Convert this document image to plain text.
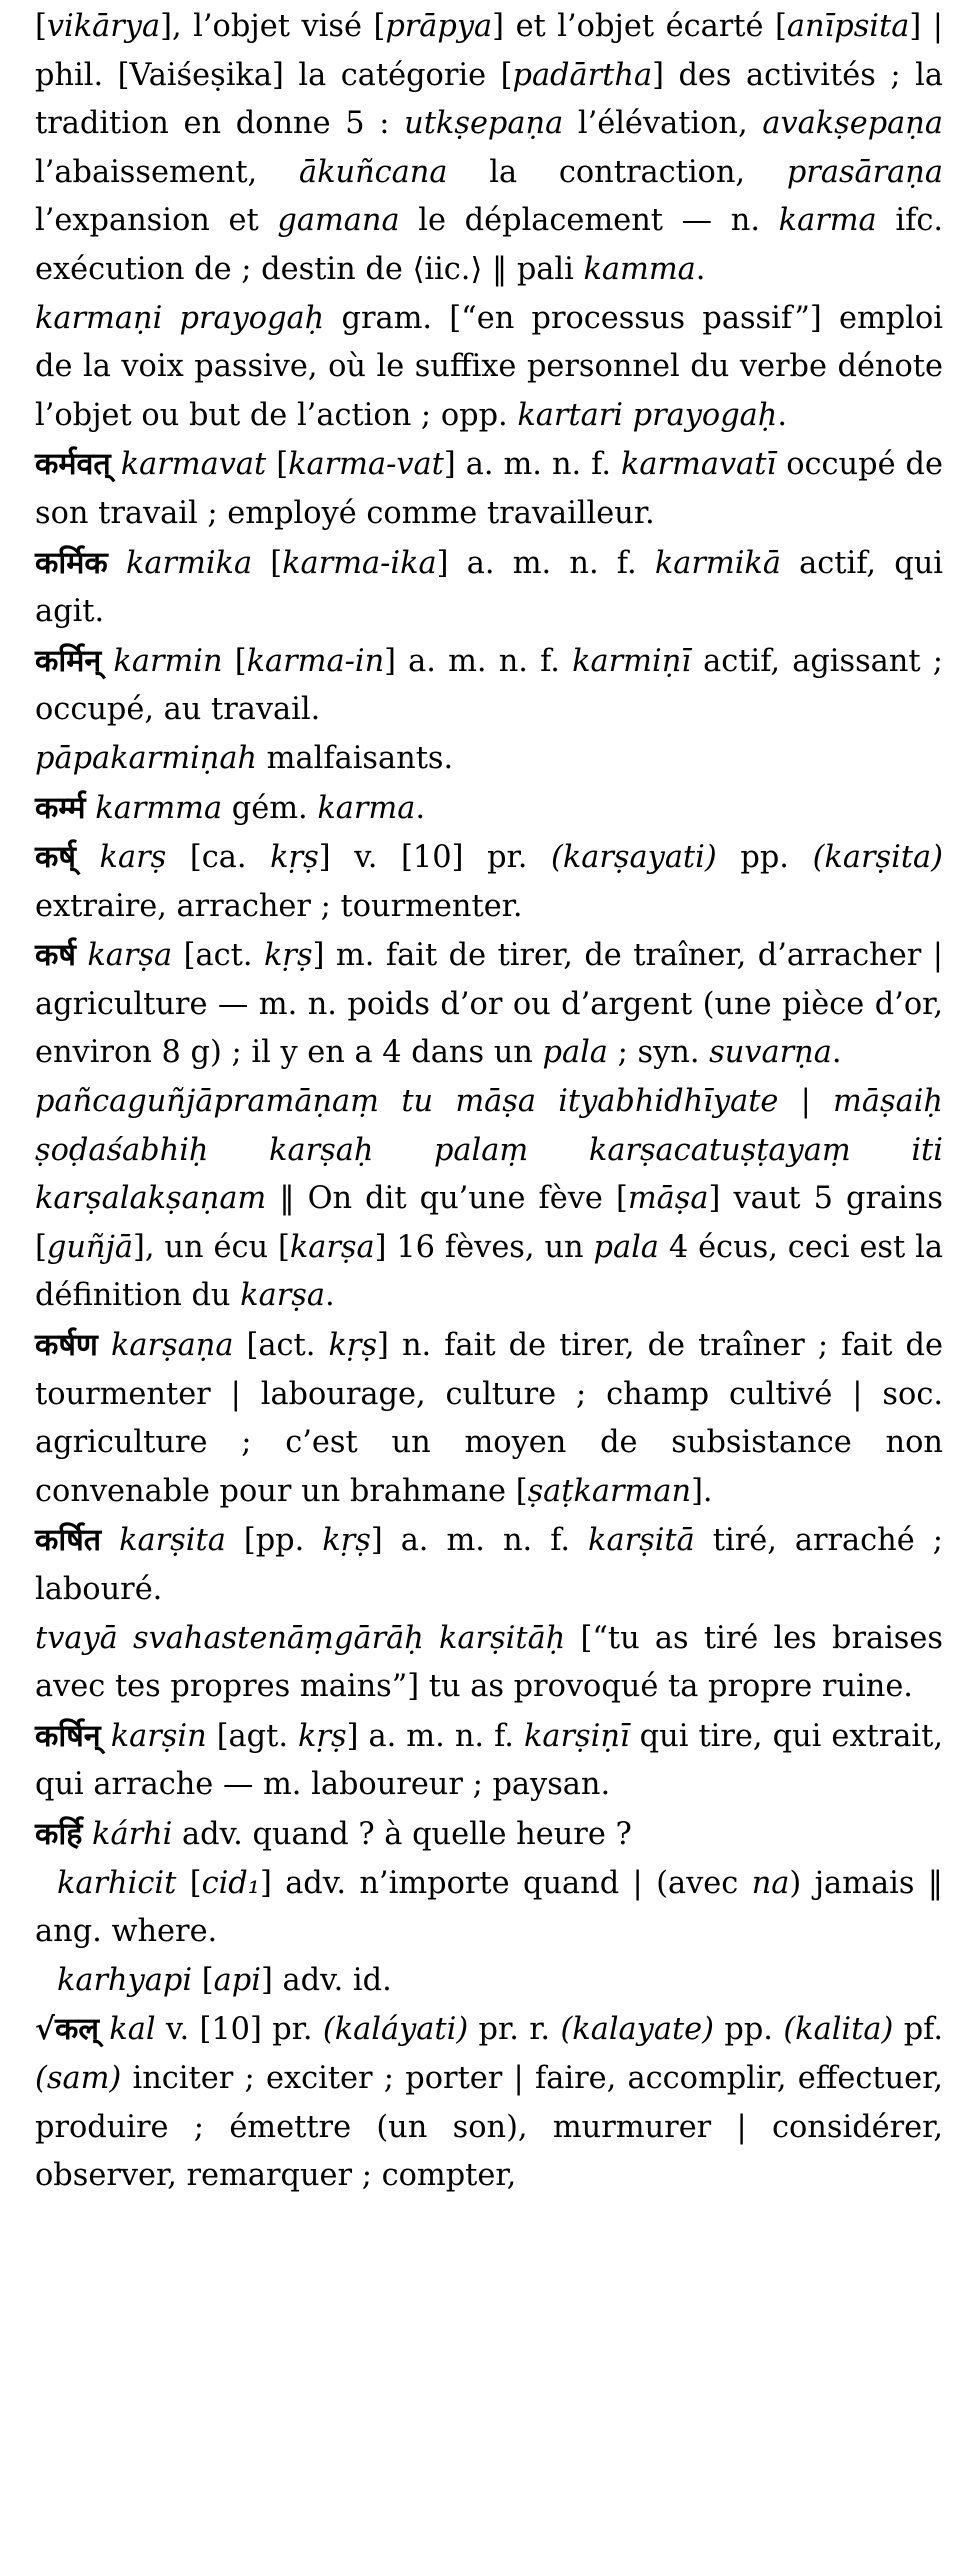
[vikārya], l’objet visé [prāpya] et l’objet écarté [anīpsita] | phil. [Vaiśeṣika] la catégorie [padārtha] des activités ; la tradition en donne 5 : utkṣepaṇa l’élévation, avakṣepaṇa l’abaissement, ākuñcana la contraction, prasāraṇa l’expansion et gamana le déplacement — n. karma ifc. exécution de ; destin de ⟨iic.⟩ ‖ pali kamma.

karmaṇi prayogaḥ gram. [“en processus passif”] emploi de la voix passive, où le suffixe personnel du verbe dénote l’objet ou but de l’action ; opp. kartari prayogaḥ.

कर्मवत् karmavat [karma-vat] a. m. n. f. karmavatī occupé de son travail ; employé comme travailleur.

कर्मिक karmika [karma-ika] a. m. n. f. karmikā actif, qui agit.

कर्मिन् karmin [karma-in] a. m. n. f. karmiṇī actif, agissant ; occupé, au travail.

pāpakarmiṇah malfaisants.

कर्म्म karmma gém. karma.

कर्ष् karṣ [ca. kṛṣ] v. [10] pr. (karṣayati) pp. (karṣita) extraire, arracher ; tourmenter.

कर्ष karṣa [act. kṛṣ] m. fait de tirer, de traîner, d’arracher | agriculture — m. n. poids d’or ou d’argent (une pièce d’or, environ 8 g) ; il y en a 4 dans un pala ; syn. suvarṇa.

pañcaguñjāpramāṇaṃ tu māṣa ityabhidhīyate | māṣaiḥ ṣoḍaśabhiḥ karṣaḥ palaṃ karṣacatuṣṭayaṃ iti karṣalakṣaṇam ‖ On dit qu’une fève [māṣa] vaut 5 grains [guñjā], un écu [karṣa] 16 fèves, un pala 4 écus, ceci est la définition du karṣa.

कर्षण karṣaṇa [act. kṛṣ] n. fait de tirer, de traîner ; fait de tourmenter | labourage, culture ; champ cultivé | soc. agriculture ; c’est un moyen de subsistance non convenable pour un brahmane [ṣaṭkarman].

कर्षित karṣita [pp. kṛṣ] a. m. n. f. karṣitā tiré, arraché ; labouré.

tvayā svahastenāṃgārāḥ karṣitāḥ [“tu as tiré les braises avec tes propres mains”] tu as provoqué ta propre ruine.

कर्षिन् karṣin [agt. kṛṣ] a. m. n. f. karṣiṇī qui tire, qui extrait, qui arrache — m. laboureur ; paysan.

कर्हि kárhi adv. quand ? à quelle heure ?

karhicit [cid₁] adv. n’importe quand | (avec na) jamais ‖ ang. where.

karhyapi [api] adv. id.

√कल् kal v. [10] pr. (kaláyati) pr. r. (kalayate) pp. (kalita) pf. (sam) inciter ; exciter ; porter | faire, accomplir, effectuer, produire ; émettre (un son), murmurer | considérer, observer, remarquer ; compter,
